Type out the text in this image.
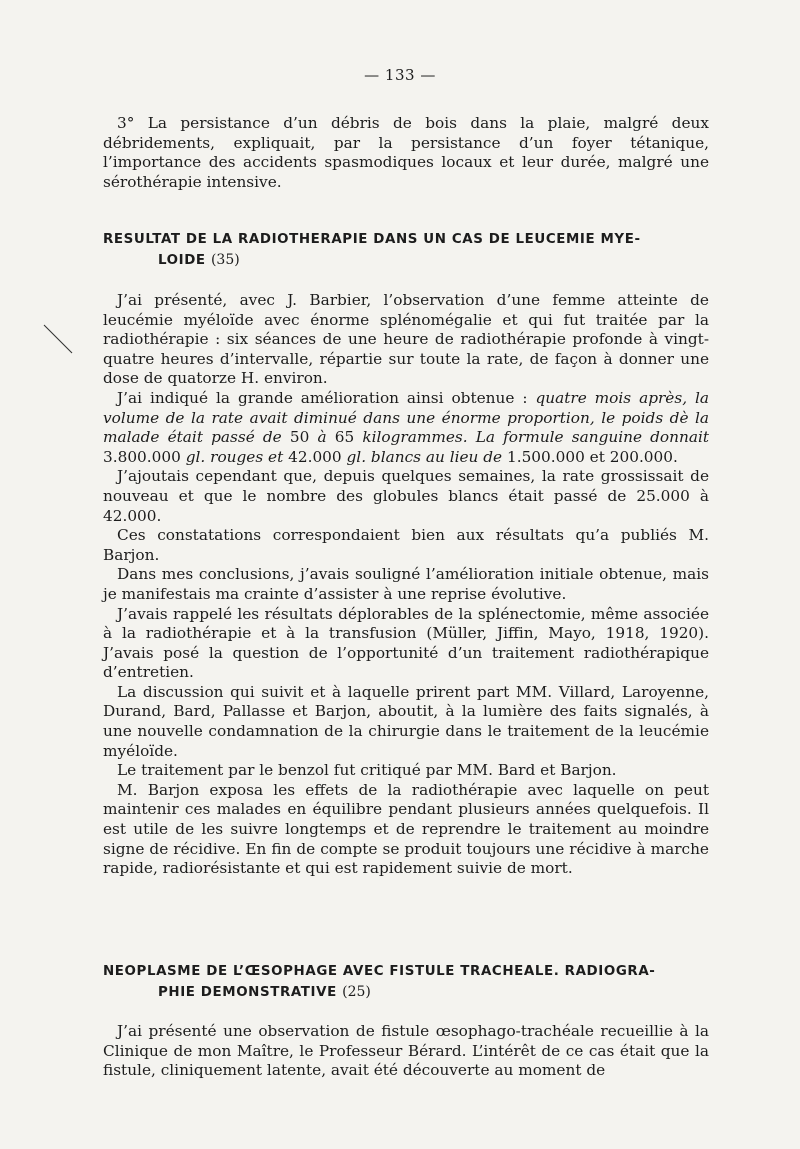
— 133 —

3° La persistance d’un débris de bois dans la plaie, malgré deux débridements, expliquait, par la persistance d’un foyer tétanique, l’importance des accidents spasmodiques locaux et leur durée, malgré une sérothérapie intensive.

RESULTAT DE LA RADIOTHERAPIE DANS UN CAS DE LEUCEMIE MYE-
LOIDE (35)

J’ai présenté, avec J. Barbier, l’observation d’une femme atteinte de leucémie myéloïde avec énorme splénomégalie et qui fut traitée par la radiothérapie : six séances de une heure de radiothérapie profonde à vingt-quatre heures d’intervalle, répartie sur toute la rate, de façon à donner une dose de quatorze H. environ.

J’ai indiqué la grande amélioration ainsi obtenue : quatre mois après, la volume de la rate avait diminué dans une énorme proportion, le poids dè la malade était passé de 50 à 65 kilogrammes. La formule sanguine donnait 3.800.000 gl. rouges et 42.000 gl. blancs au lieu de 1.500.000 et 200.000.

J’ajoutais cependant que, depuis quelques semaines, la rate grossissait de nouveau et que le nombre des globules blancs était passé de 25.000 à 42.000.

Ces constatations correspondaient bien aux résultats qu’a publiés M. Barjon.

Dans mes conclusions, j’avais souligné l’amélioration initiale obtenue, mais je manifestais ma crainte d’assister à une reprise évolutive.

J’avais rappelé les résultats déplorables de la splénectomie, même associée à la radiothérapie et à la transfusion (Müller, Jiffin, Mayo, 1918, 1920). J’avais posé la question de l’opportunité d’un traitement radiothérapique d’entretien.

La discussion qui suivit et à laquelle prirent part MM. Villard, Laroyenne, Durand, Bard, Pallasse et Barjon, aboutit, à la lumière des faits signalés, à une nouvelle condamnation de la chirurgie dans le traitement de la leucémie myéloïde.

Le traitement par le benzol fut critiqué par MM. Bard et Barjon.

M. Barjon exposa les effets de la radiothérapie avec laquelle on peut maintenir ces malades en équilibre pendant plusieurs années quelquefois. Il est utile de les suivre longtemps et de reprendre le traitement au moindre signe de récidive. En fin de compte se produit toujours une récidive à marche rapide, radiorésistante et qui est rapidement suivie de mort.

NEOPLASME DE L’ŒSOPHAGE AVEC FISTULE TRACHEALE. RADIOGRA-
PHIE DEMONSTRATIVE (25)

J’ai présenté une observation de fistule œsophago-trachéale recueillie à la Clinique de mon Maître, le Professeur Bérard. L’intérêt de ce cas était que la fistule, cliniquement latente, avait été découverte au moment de
